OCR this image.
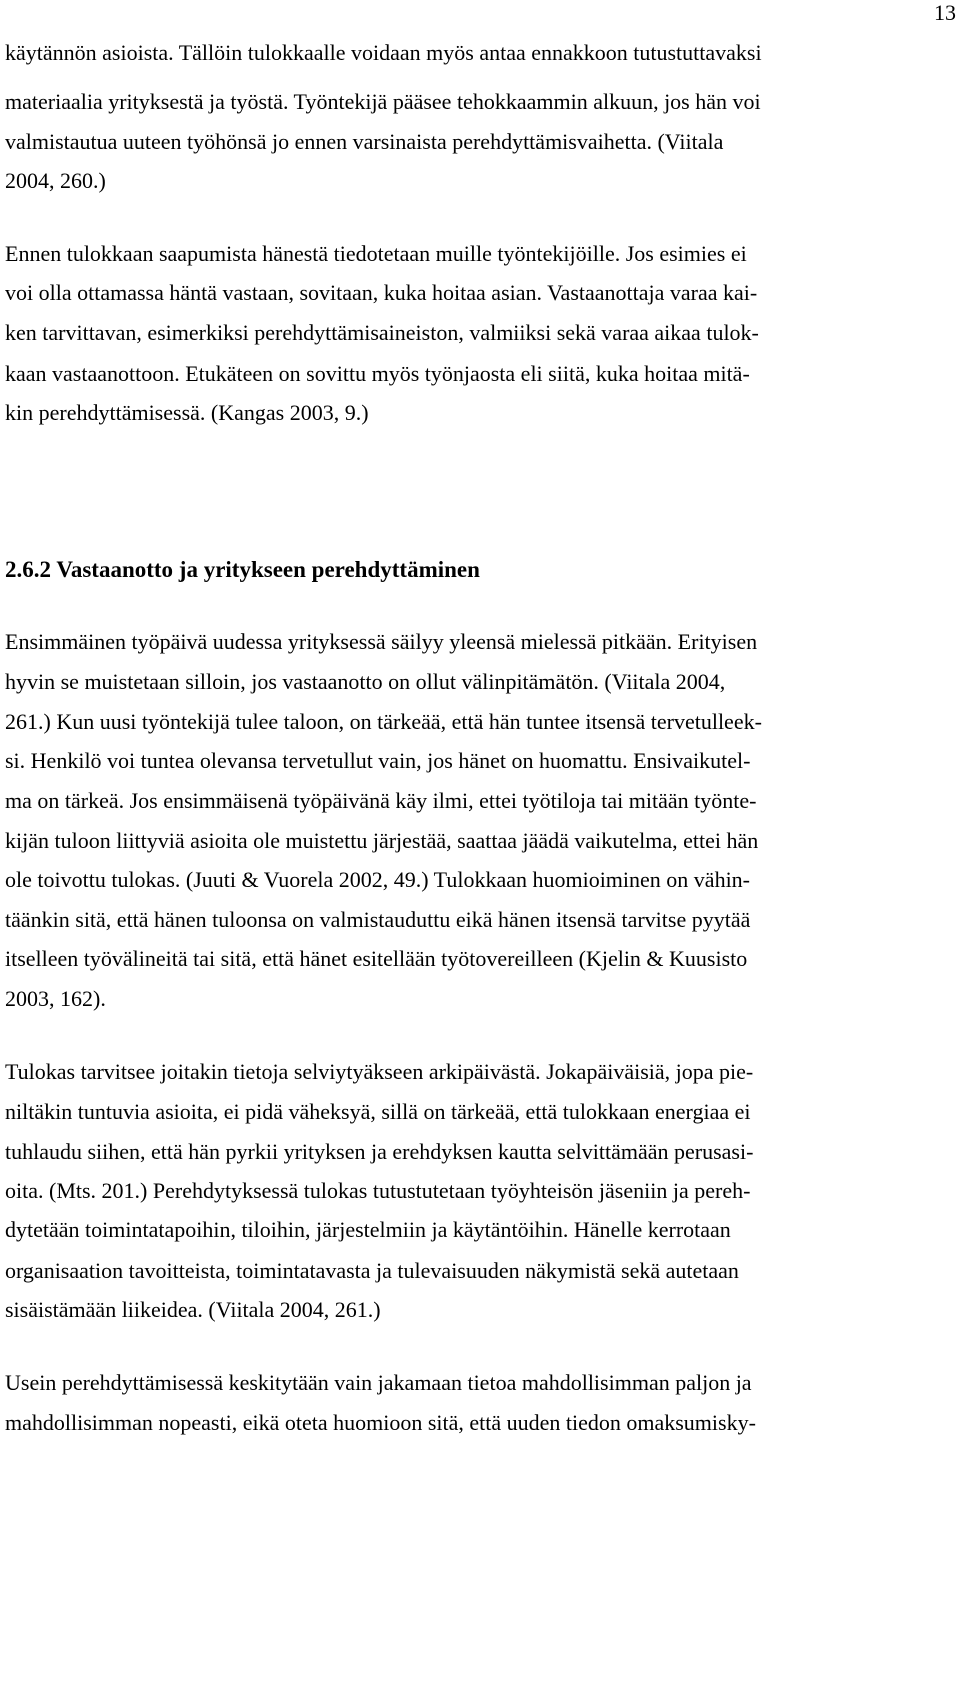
13
käytännön asioista. Tällöin tulokkaalle voidaan myös antaa ennakkoon tutustuttavaksi
materiaalia yrityksestä ja työstä. Työntekijä pääsee tehokkaammin alkuun, jos hän voi
valmistautua uuteen työhönsä jo ennen varsinaista perehdyttämisvaihetta. (Viitala
2004, 260.)
Ennen tulokkaan saapumista hänestä tiedotetaan muille työntekijöille. Jos esimies ei
voi olla ottamassa häntä vastaan, sovitaan, kuka hoitaa asian. Vastaanottaja varaa kai-
ken tarvittavan, esimerkiksi perehdyttämisaineiston, valmiiksi sekä varaa aikaa tulok-
kaan vastaanottoon. Etukäteen on sovittu myös työnjaosta eli siitä, kuka hoitaa mitä-
kin perehdyttämisessä. (Kangas 2003, 9.)
2.6.2 Vastaanotto ja yritykseen perehdyttäminen
Ensimmäinen työpäivä uudessa yrityksessä säilyy yleensä mielessä pitkään. Erityisen
hyvin se muistetaan silloin, jos vastaanotto on ollut välinpitämätön. (Viitala 2004,
261.) Kun uusi työntekijä tulee taloon, on tärkeää, että hän tuntee itsensä tervetulleek-
si. Henkilö voi tuntea olevansa tervetullut vain, jos hänet on huomattu. Ensivaikutel-
ma on tärkeä. Jos ensimmäisenä työpäivänä käy ilmi, ettei työtiloja tai mitään työnte-
kijän tuloon liittyviä asioita ole muistettu järjestää, saattaa jäädä vaikutelma, ettei hän
ole toivottu tulokas. (Juuti & Vuorela 2002, 49.) Tulokkaan huomioiminen on vähin-
täänkin sitä, että hänen tuloonsa on valmistauduttu eikä hänen itsensä tarvitse pyytää
itselleen työvälineitä tai sitä, että hänet esitellään työtovereilleen (Kjelin & Kuusisto
2003, 162).
Tulokas tarvitsee joitakin tietoja selviytyäkseen arkipäivästä. Jokapäiväisiä, jopa pie-
niltäkin tuntuvia asioita, ei pidä väheksyä, sillä on tärkeää, että tulokkaan energiaa ei
tuhlaudu siihen, että hän pyrkii yrityksen ja erehdyksen kautta selvittämään perusasi-
oita. (Mts. 201.) Perehdytyksessä tulokas tutustutetaan työyhteisön jäseniin ja pereh-
dytetään toimintatapoihin, tiloihin, järjestelmiin ja käytäntöihin. Hänelle kerrotaan
organisaation tavoitteista, toimintatavasta ja tulevaisuuden näkymistä sekä autetaan
sisäistämään liikeidea. (Viitala 2004, 261.)
Usein perehdyttämisessä keskitytään vain jakamaan tietoa mahdollisimman paljon ja
mahdollisimman nopeasti, eikä oteta huomioon sitä, että uuden tiedon omaksumisky-
